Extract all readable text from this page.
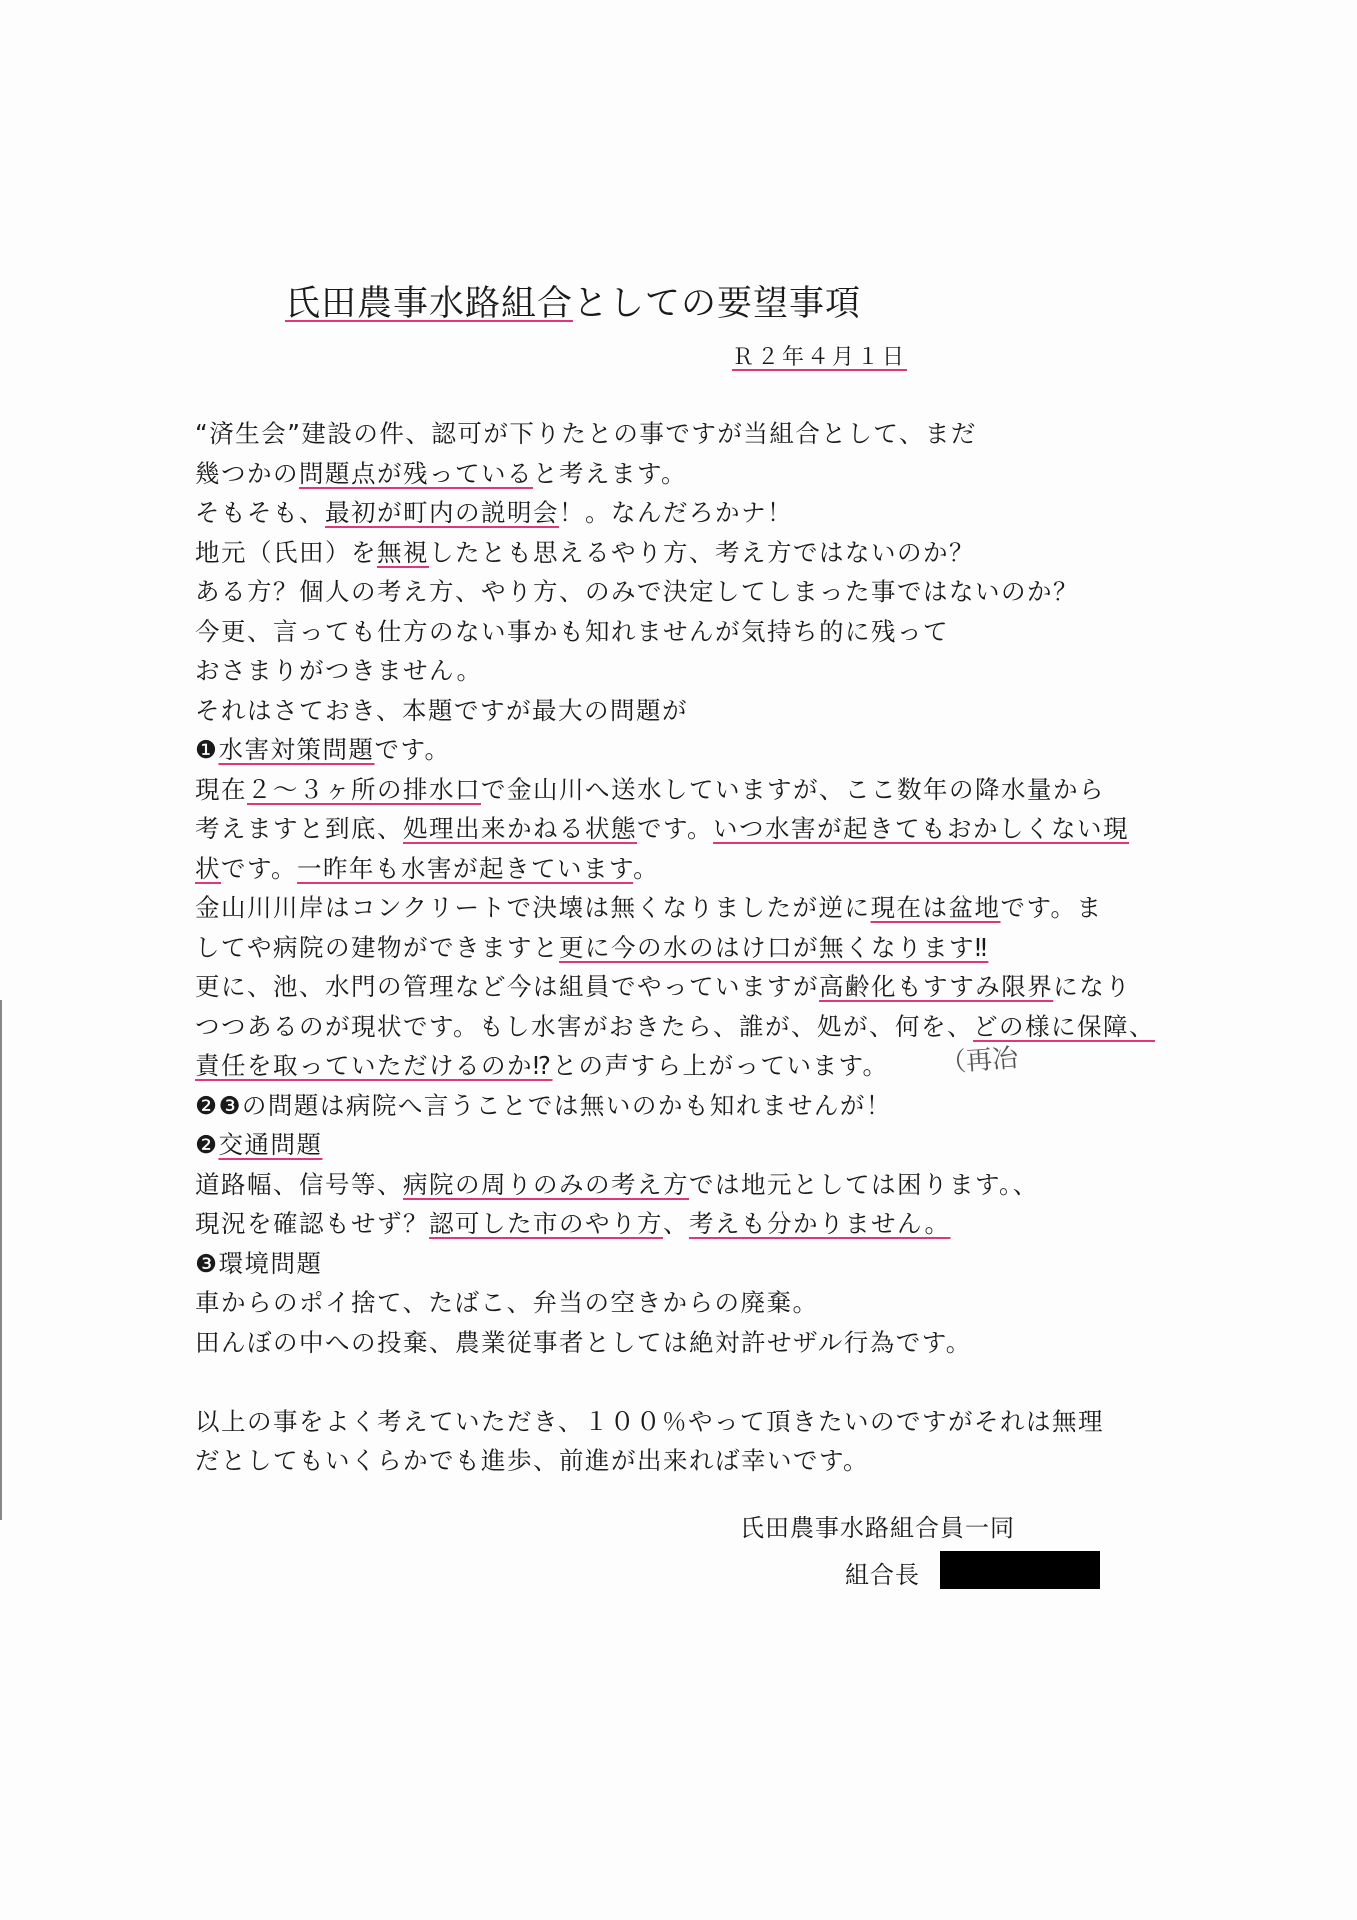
氏田農事水路組合としての要望事項
Ｒ２年４月１日
“済生会”建設の件、認可が下りたとの事ですが当組合として、まだ
幾つかの問題点が残っていると考えます。
そもそも、最初が町内の説明会！。なんだろかナ！
地元（氏田）を無視したとも思えるやり方、考え方ではないのか？
ある方？個人の考え方、やり方、のみで決定してしまった事ではないのか？
今更、言っても仕方のない事かも知れませんが気持ち的に残って
おさまりがつきません。
それはさておき、本題ですが最大の問題が
❶水害対策問題です。
現在２～３ヶ所の排水口で金山川へ送水していますが、ここ数年の降水量から
考えますと到底、処理出来かねる状態です。いつ水害が起きてもおかしくない現
状です。一昨年も水害が起きています。
金山川川岸はコンクリートで決壊は無くなりましたが逆に現在は盆地です。ま
してや病院の建物ができますと更に今の水のはけ口が無くなります‼
更に、池、水門の管理など今は組員でやっていますが高齢化もすすみ限界になり
つつあるのが現状です。もし水害がおきたら、誰が、処が、何を、どの様に保障、
責任を取っていただけるのか⁉との声すら上がっています。
❷❸の問題は病院へ言うことでは無いのかも知れませんが！
❷交通問題
道路幅、信号等、病院の周りのみの考え方では地元としては困ります。、
現況を確認もせず？認可した市のやり方、考えも分かりません。
❸環境問題
車からのポイ捨て、たばこ、弁当の空きからの廃棄。
田んぼの中への投棄、農業従事者としては絶対許せザル行為です。
以上の事をよく考えていただき、１００％やって頂きたいのですがそれは無理
だとしてもいくらかでも進歩、前進が出来れば幸いです。
（再冶
氏田農事水路組合員一同
組合長
